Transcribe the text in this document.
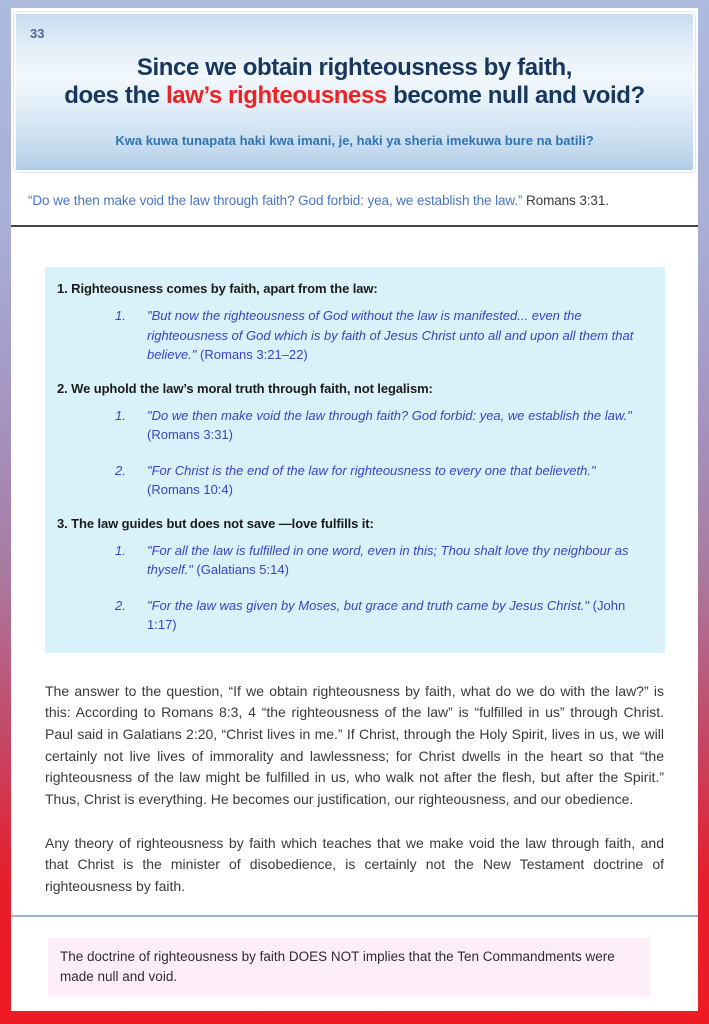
33
Since we obtain righteousness by faith,
does the law’s righteousness become null and void?
Kwa kuwa tunapata haki kwa imani, je, haki ya sheria imekuwa bure na batili?
“Do we then make void the law through faith? God forbid: yea, we establish the law.” Romans 3:31.
1. Righteousness comes by faith, apart from the law:
1.	"But now the righteousness of God without the law is manifested... even the righteousness of God which is by faith of Jesus Christ unto all and upon all them that believe." (Romans 3:21–22)
2. We uphold the law’s moral truth through faith, not legalism:
1.	"Do we then make void the law through faith? God forbid: yea, we establish the law." (Romans 3:31)
2.	"For Christ is the end of the law for righteousness to every one that believeth." (Romans 10:4)
3. The law guides but does not save —love fulfills it:
1.	"For all the law is fulfilled in one word, even in this; Thou shalt love thy neighbour as thyself." (Galatians 5:14)
2.	"For the law was given by Moses, but grace and truth came by Jesus Christ." (John 1:17)
The answer to the question, “If we obtain righteousness by faith, what do we do with the law?” is this: According to Romans 8:3, 4 “the righteousness of the law” is “fulfilled in us” through Christ. Paul said in Galatians 2:20, “Christ lives in me.” If Christ, through the Holy Spirit, lives in us, we will certainly not live lives of immorality and lawlessness; for Christ dwells in the heart so that “the righteousness of the law might be fulfilled in us, who walk not after the flesh, but after the Spirit.” Thus, Christ is everything. He becomes our justification, our righteousness, and our obedience.
Any theory of righteousness by faith which teaches that we make void the law through faith, and that Christ is the minister of disobedience, is certainly not the New Testament doctrine of righteousness by faith.
The doctrine of righteousness by faith DOES NOT implies that the Ten Commandments were made null and void.
